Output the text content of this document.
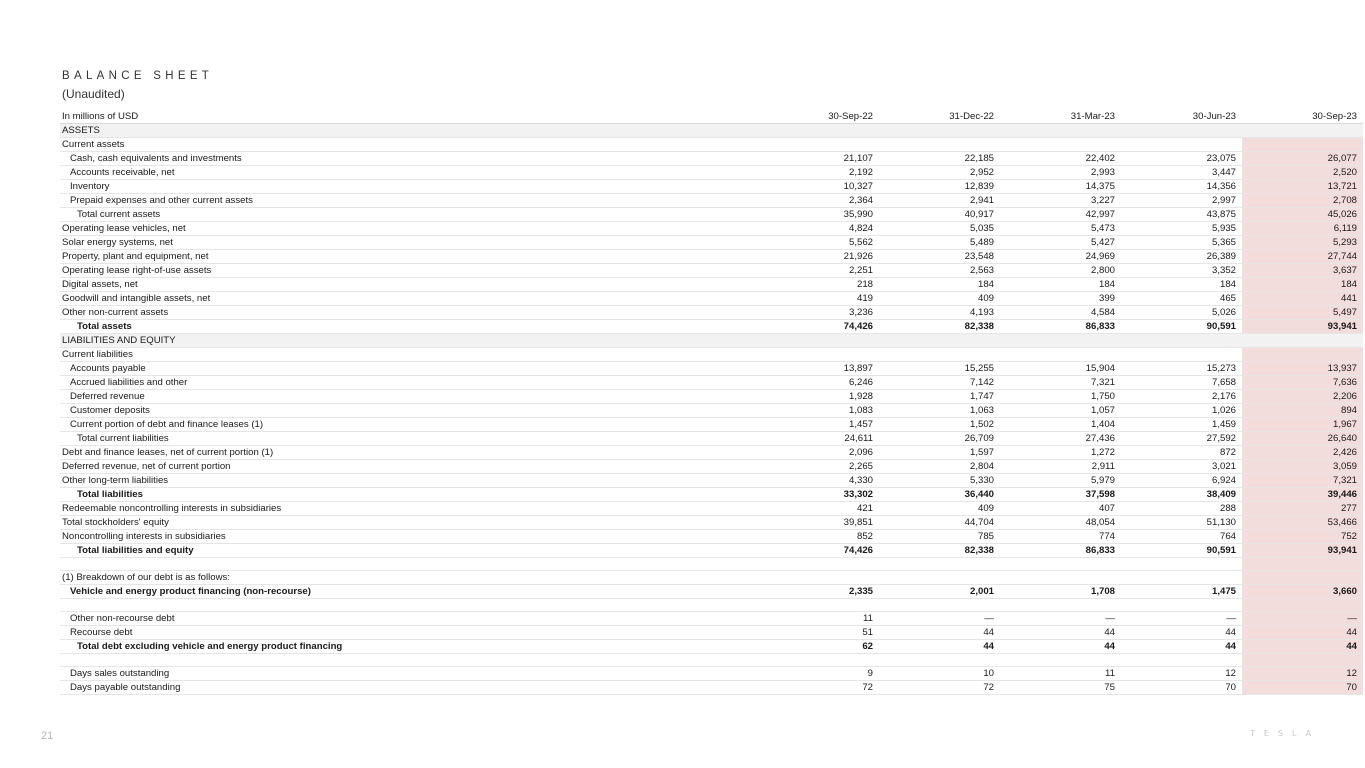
BALANCE SHEET
(Unaudited)
In millions of USD	30-Sep-22	31-Dec-22	31-Mar-23	30-Jun-23	30-Sep-23
ASSETS					
Current assets					
Cash, cash equivalents and investments	21,107	22,185	22,402	23,075	26,077
Accounts receivable, net	2,192	2,952	2,993	3,447	2,520
Inventory	10,327	12,839	14,375	14,356	13,721
Prepaid expenses and other current assets	2,364	2,941	3,227	2,997	2,708
Total current assets	35,990	40,917	42,997	43,875	45,026
Operating lease vehicles, net	4,824	5,035	5,473	5,935	6,119
Solar energy systems, net	5,562	5,489	5,427	5,365	5,293
Property, plant and equipment, net	21,926	23,548	24,969	26,389	27,744
Operating lease right-of-use assets	2,251	2,563	2,800	3,352	3,637
Digital assets, net	218	184	184	184	184
Goodwill and intangible assets, net	419	409	399	465	441
Other non-current assets	3,236	4,193	4,584	5,026	5,497
Total assets	74,426	82,338	86,833	90,591	93,941
LIABILITIES AND EQUITY					
Current liabilities					
Accounts payable	13,897	15,255	15,904	15,273	13,937
Accrued liabilities and other	6,246	7,142	7,321	7,658	7,636
Deferred revenue	1,928	1,747	1,750	2,176	2,206
Customer deposits	1,083	1,063	1,057	1,026	894
Current portion of debt and finance leases (1)	1,457	1,502	1,404	1,459	1,967
Total current liabilities	24,611	26,709	27,436	27,592	26,640
Debt and finance leases, net of current portion (1)	2,096	1,597	1,272	872	2,426
Deferred revenue, net of current portion	2,265	2,804	2,911	3,021	3,059
Other long-term liabilities	4,330	5,330	5,979	6,924	7,321
Total liabilities	33,302	36,440	37,598	38,409	39,446
Redeemable noncontrolling interests in subsidiaries	421	409	407	288	277
Total stockholders' equity	39,851	44,704	48,054	51,130	53,466
Noncontrolling interests in subsidiaries	852	785	774	764	752
Total liabilities and equity	74,426	82,338	86,833	90,591	93,941

(1) Breakdown of our debt is as follows:					
Vehicle and energy product financing (non-recourse)	2,335	2,001	1,708	1,475	3,660

Other non-recourse debt	11	—	—	—	—
Recourse debt	51	44	44	44	44
Total debt excluding vehicle and energy product financing	62	44	44	44	44

Days sales outstanding	9	10	11	12	12
Days payable outstanding	72	72	75	70	70
21	TESLA
